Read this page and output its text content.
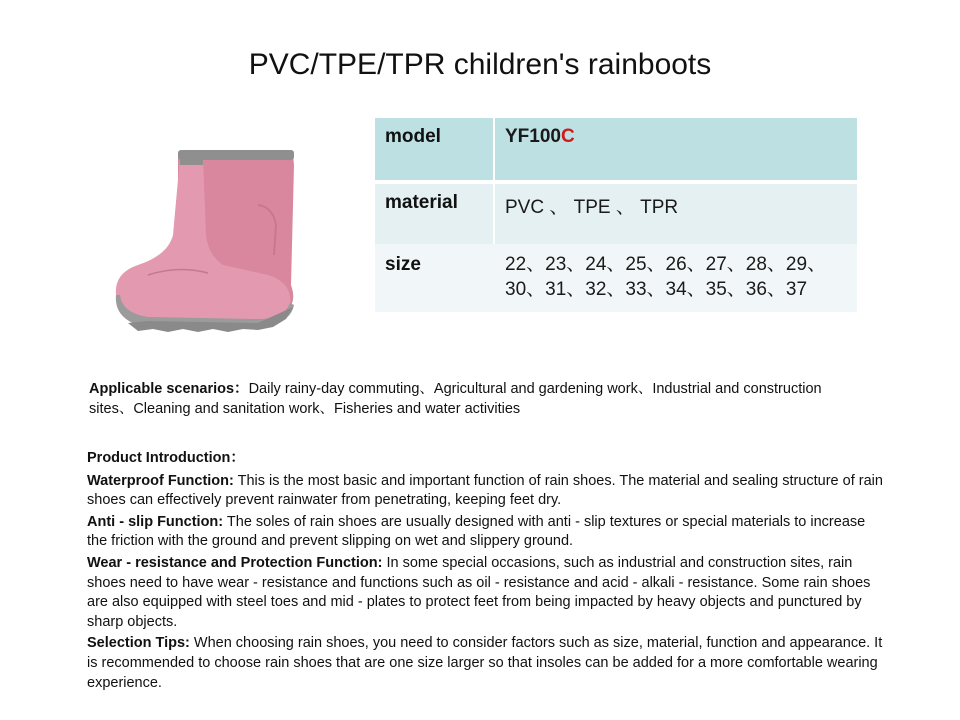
PVC/TPE/TPR children's rainboots
model	YF100C
material	PVC 、 TPE 、 TPR
size	22、23、24、25、26、27、28、29、
30、31、32、33、34、35、36、37
Applicable scenarios：Daily rainy-day commuting、Agricultural and gardening work、Industrial and construction sites、Cleaning and sanitation work、Fisheries and water activities
Product Introduction：

Waterproof Function: This is the most basic and important function of rain shoes. The material and sealing structure of rain shoes can effectively prevent rainwater from penetrating, keeping feet dry.

Anti - slip Function: The soles of rain shoes are usually designed with anti - slip textures or special materials to increase the friction with the ground and prevent slipping on wet and slippery ground.

Wear - resistance and Protection Function: In some special occasions, such as industrial and construction sites, rain shoes need to have wear - resistance and functions such as oil - resistance and acid - alkali - resistance. Some rain shoes are also equipped with steel toes and mid - plates to protect feet from being impacted by heavy objects and punctured by sharp objects.

Selection Tips: When choosing rain shoes, you need to consider factors such as size, material, function and appearance. It is recommended to choose rain shoes that are one size larger so that insoles can be added for a more comfortable wearing experience.
